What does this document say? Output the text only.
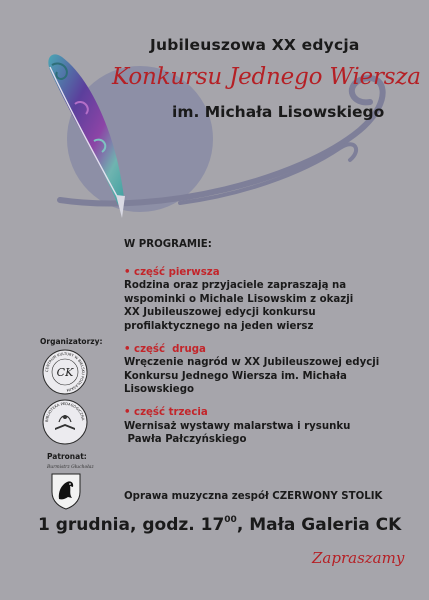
Jubileuszowa XX edycja
Konkursu Jednego Wiersza
im. Michała Lisowskiego
W PROGRAMIE:
• część pierwsza
Rodzina oraz przyjaciele zapraszają na
wspominki o Michale Lisowskim z okazji
XX Jubileuszowej edycji konkursu
profilaktycznego na jeden wiersz
• część  druga
Wręczenie nagród w XX Jubileuszowej edycji
Konkursu Jednego Wiersza im. Michała
Lisowskiego
• część trzecia
Wernisaż wystawy malarstwa i rysunku
Pawła Pałczyńskiego
Oprawa muzyczna zespół CZERWONY STOLIK
1 grudnia, godz. $17^{00}$, Mała Galeria CK
Zapraszamy
Organizatorzy:
CENTRUM KULTURY W BIELSKU PODLASKIM
CK
BIBLIOTEKA PEDAGOGICZNA
Patronat:
Burmistrz Głuchołaz
